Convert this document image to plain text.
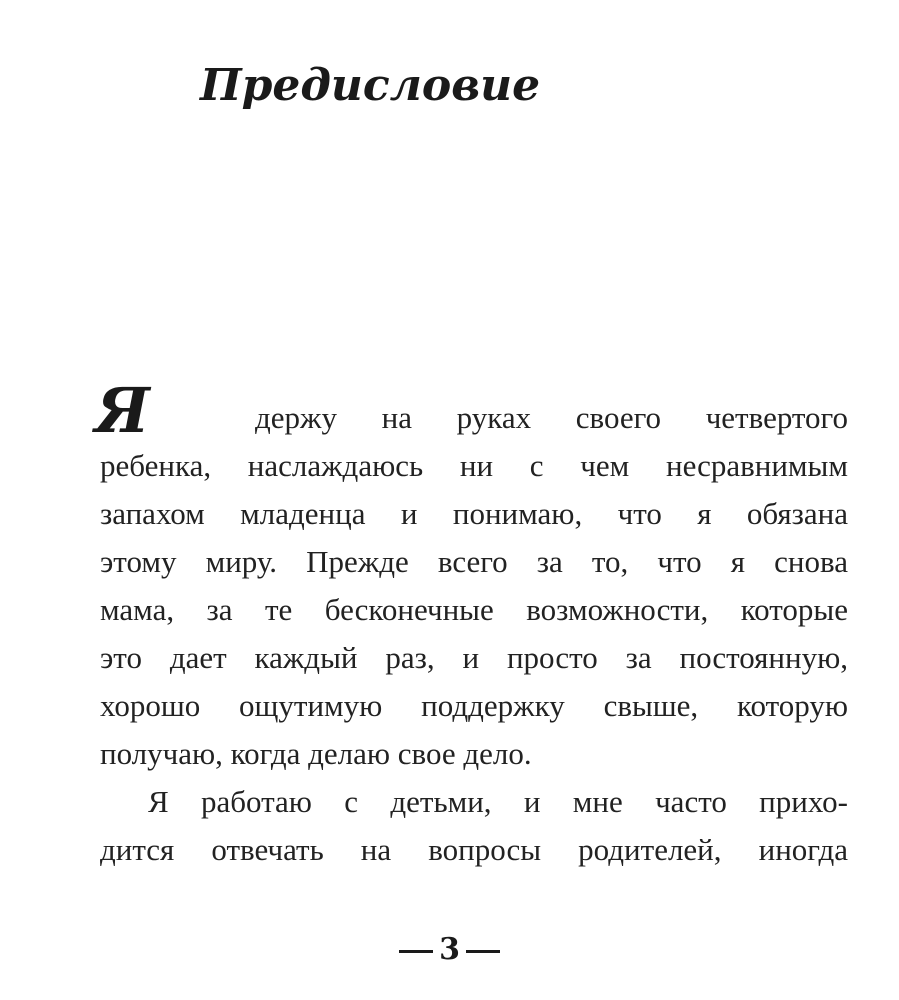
Предисловие
Я	держу на руках своего четвертого
ребенка, наслаждаюсь ни с чем несравнимым
запахом младенца и понимаю, что я обязана
этому миру. Прежде всего за то, что я снова
мама, за те бесконечные возможности, которые
это дает каждый раз, и просто за постоянную,
хорошо ощутимую поддержку свыше, которую
получаю, когда делаю свое дело.
Я работаю с детьми, и мне часто прихо-
дится отвечать на вопросы родителей, иногда
3
